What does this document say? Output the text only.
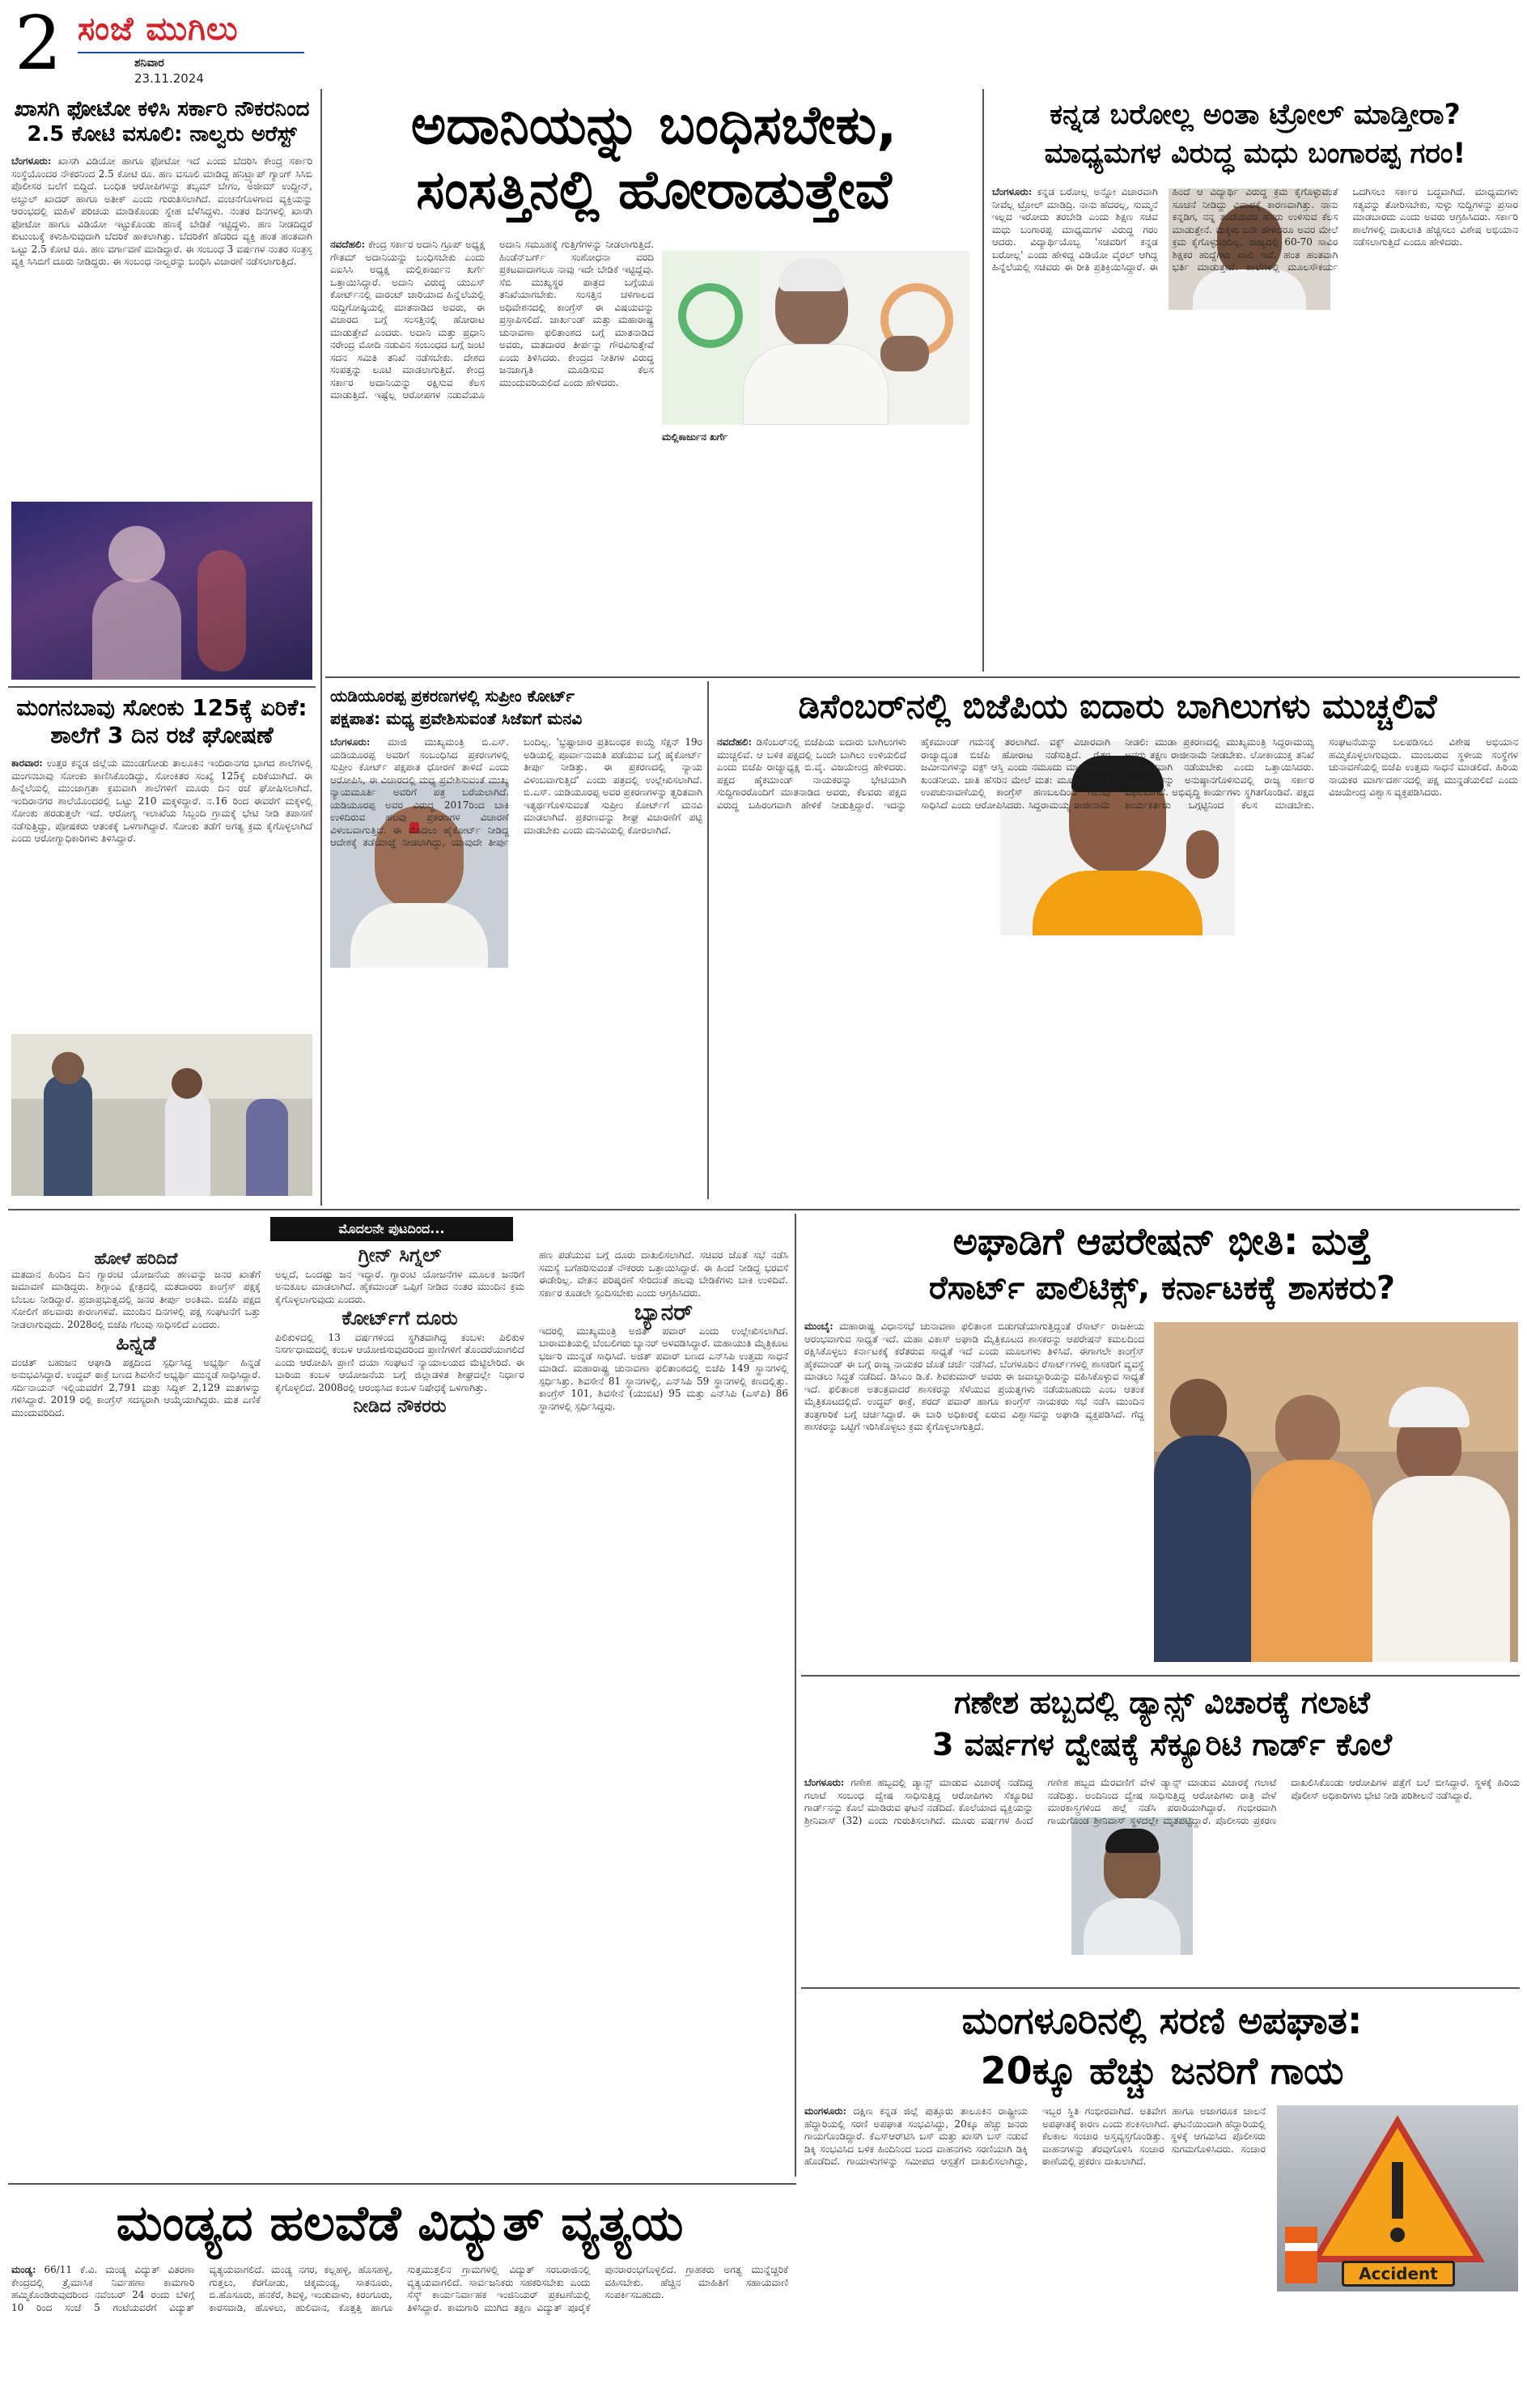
2 ಸಂಜೆ ಮುಗಿಲು
ಶನಿವಾರ
23.11.2024
ಖಾಸಗಿ ಫೋಟೋ ಕಳಿಸಿ ಸರ್ಕಾರಿ ನೌಕರನಿಂದ 2.5 ಕೋಟಿ ವಸೂಲಿ: ನಾಲ್ವರು ಅರೆಸ್ಟ್
ಬೆಂಗಳೂರು: ಖಾಸಗಿ ವಿಡಿಯೋ ಹಾಗೂ ಫೋಟೋ ಇದೆ ಎಂದು ಬೆದರಿಸಿ ಕೇಂದ್ರ ಸರ್ಕಾರಿ ಸಂಸ್ಥೆಯೊಂದರ ನೌಕರನಿಂದ 2.5 ಕೋಟಿ ರೂ. ಹಣ ವಸೂಲಿ ಮಾಡಿದ್ದ ಹನಿಟ್ರ್ಯಾಪ್ ಗ್ಯಾಂಗ್ ಸಿಸಿಬಿ ಪೊಲೀಸರ ಬಲೆಗೆ ಬಿದ್ದಿದೆ. ಬಂಧಿತ ಆರೋಪಿಗಳನ್ನು ತಬ್ಸಮ್ ಬೇಗಂ, ಅಜೀಮ್ ಉದ್ದೀನ್, ಅಬ್ದುಲ್ ಖಾದರ್ ಹಾಗೂ ಅತೀಕ್ ಎಂದು ಗುರುತಿಸಲಾಗಿದೆ. ವಂಚನೆಗೊಳಗಾದ ವ್ಯಕ್ತಿಯನ್ನು ಆರಂಭದಲ್ಲಿ ಮಹಿಳೆ ಪರಿಚಯ ಮಾಡಿಕೊಂಡು ಸ್ನೇಹ ಬೆಳೆಸಿದ್ದಳು. ನಂತರ ದಿನಗಳಲ್ಲಿ ಖಾಸಗಿ ಫೋಟೋ ಹಾಗೂ ವಿಡಿಯೋ ಇಟ್ಟುಕೊಂಡು ಹಣಕ್ಕೆ ಬೇಡಿಕೆ ಇಟ್ಟಿದ್ದಳು. ಹಣ ನೀಡದಿದ್ದರೆ ಕುಟುಂಬಕ್ಕೆ ಕಳುಹಿಸುವುದಾಗಿ ಬೆದರಿಕೆ ಹಾಕಲಾಗಿತ್ತು. ಬೆದರಿಕೆಗೆ ಹೆದರಿದ ವ್ಯಕ್ತಿ ಹಂತ ಹಂತವಾಗಿ ಒಟ್ಟು 2.5 ಕೋಟಿ ರೂ. ಹಣ ವರ್ಗಾವಣೆ ಮಾಡಿದ್ದಾರೆ. ಈ ಸಂಬಂಧ 3 ವರ್ಷಗಳ ನಂತರ ಸಂತ್ರಸ್ತ ವ್ಯಕ್ತಿ ಸಿಸಿಬಿಗೆ ದೂರು ನೀಡಿದ್ದರು. ಈ ಸಂಬಂಧ ನಾಲ್ವರನ್ನು ಬಂಧಿಸಿ ವಿಚಾರಣೆ ನಡೆಸಲಾಗುತ್ತಿದೆ.
ಮಂಗನಬಾವು ಸೋಂಕು 125ಕ್ಕೆ ಏರಿಕೆ: ಶಾಲೆಗೆ 3 ದಿನ ರಜೆ ಘೋಷಣೆ
ಕಾರವಾರ: ಉತ್ತರ ಕನ್ನಡ ಜಿಲ್ಲೆಯ ಮುಂಡಗೋಡು ತಾಲೂಕಿನ ಇಂದಿರಾನಗರ ಭಾಗದ ಶಾಲೆಗಳಲ್ಲಿ ಮಂಗನಬಾವು ಸೋಂಕು ಕಾಣಿಸಿಕೊಂಡಿದ್ದು, ಸೋಂಕಿತರ ಸಂಖ್ಯೆ 125ಕ್ಕೆ ಏರಿಕೆಯಾಗಿದೆ. ಈ ಹಿನ್ನೆಲೆಯಲ್ಲಿ ಮುಂಜಾಗ್ರತಾ ಕ್ರಮವಾಗಿ ಶಾಲೆಗಳಿಗೆ ಮೂರು ದಿನ ರಜೆ ಘೋಷಿಸಲಾಗಿದೆ. ಇಂದಿರಾನಗರ ಶಾಲೆಯೊಂದರಲ್ಲಿ ಒಟ್ಟು 210 ಮಕ್ಕಳಿದ್ದಾರೆ. ನ.16 ರಿಂದ ಈವರೆಗೆ ಮಕ್ಕಳಲ್ಲಿ ಸೋಂಕು ಹರಡುತ್ತಲೇ ಇದೆ. ಆರೋಗ್ಯ ಇಲಾಖೆಯ ಸಿಬ್ಬಂದಿ ಗ್ರಾಮಕ್ಕೆ ಭೇಟಿ ನೀಡಿ ತಪಾಸಣೆ ನಡೆಸುತ್ತಿದ್ದು, ಪೋಷಕರು ಆತಂಕಕ್ಕೆ ಒಳಗಾಗಿದ್ದಾರೆ. ಸೋಂಕು ತಡೆಗೆ ಅಗತ್ಯ ಕ್ರಮ ಕೈಗೊಳ್ಳಲಾಗಿದೆ ಎಂದು ಆರೋಗ್ಯಾಧಿಕಾರಿಗಳು ತಿಳಿಸಿದ್ದಾರೆ.
ಅದಾನಿಯನ್ನು ಬಂಧಿಸಬೇಕು,
ಸಂಸತ್ತಿನಲ್ಲಿ ಹೋರಾಡುತ್ತೇವೆ
ನವದೆಹಲಿ: ಕೇಂದ್ರ ಸರ್ಕಾರ ಅದಾನಿ ಗ್ರೂಪ್ ಅಧ್ಯಕ್ಷ ಗೌತಮ್ ಅದಾನಿಯನ್ನು ಬಂಧಿಸಬೇಕು ಎಂದು ಎಐಸಿಸಿ ಅಧ್ಯಕ್ಷ ಮಲ್ಲಿಕಾರ್ಜುನ ಖರ್ಗೆ ಒತ್ತಾಯಿಸಿದ್ದಾರೆ. ಅದಾನಿ ವಿರುದ್ಧ ಯುಎಸ್ ಕೋರ್ಟ್‌ನಲ್ಲಿ ವಾರಂಟ್ ಜಾರಿಯಾದ ಹಿನ್ನೆಲೆಯಲ್ಲಿ ಸುದ್ದಿಗೋಷ್ಠಿಯಲ್ಲಿ ಮಾತನಾಡಿದ ಅವರು, ಈ ವಿಚಾರದ ಬಗ್ಗೆ ಸಂಸತ್ತಿನಲ್ಲಿ ಹೋರಾಟ ಮಾಡುತ್ತೇವೆ ಎಂದರು. ಅದಾನಿ ಮತ್ತು ಪ್ರಧಾನಿ ನರೇಂದ್ರ ಮೋದಿ ನಡುವಿನ ಸಂಬಂಧದ ಬಗ್ಗೆ ಜಂಟಿ ಸದನ ಸಮಿತಿ ತನಿಖೆ ನಡೆಸಬೇಕು. ದೇಶದ ಸಂಪತ್ತನ್ನು ಲೂಟಿ ಮಾಡಲಾಗುತ್ತಿದೆ. ಕೇಂದ್ರ ಸರ್ಕಾರ ಅದಾನಿಯನ್ನು ರಕ್ಷಿಸುವ ಕೆಲಸ ಮಾಡುತ್ತಿದೆ. ಇಷ್ಟೆಲ್ಲ ಆರೋಪಗಳ ನಡುವೆಯೂ ಅದಾನಿ ಸಮೂಹಕ್ಕೆ ಗುತ್ತಿಗೆಗಳನ್ನು ನೀಡಲಾಗುತ್ತಿದೆ. ಹಿಂಡೆನ್‌ಬರ್ಗ್ ಸಂಶೋಧನಾ ವರದಿ ಪ್ರಕಟವಾದಾಗಲೂ ನಾವು ಇದೇ ಬೇಡಿಕೆ ಇಟ್ಟಿದ್ದೆವು. ಸೆಬಿ ಮುಖ್ಯಸ್ಥರ ಪಾತ್ರದ ಬಗ್ಗೆಯೂ ತನಿಖೆಯಾಗಬೇಕು. ಸಂಸತ್ತಿನ ಚಳಿಗಾಲದ ಅಧಿವೇಶನದಲ್ಲಿ ಕಾಂಗ್ರೆಸ್ ಈ ವಿಷಯವನ್ನು ಪ್ರಸ್ತಾಪಿಸಲಿದೆ. ಜಾರ್ಖಂಡ್ ಮತ್ತು ಮಹಾರಾಷ್ಟ್ರ ಚುನಾವಣಾ ಫಲಿತಾಂಶದ ಬಗ್ಗೆ ಮಾತನಾಡಿದ ಅವರು, ಮತದಾರರ ತೀರ್ಪನ್ನು ಗೌರವಿಸುತ್ತೇವೆ ಎಂದು ತಿಳಿಸಿದರು. ಕೇಂದ್ರದ ನೀತಿಗಳ ವಿರುದ್ಧ ಜನಜಾಗೃತಿ ಮೂಡಿಸುವ ಕೆಲಸ ಮುಂದುವರಿಯಲಿದೆ ಎಂದು ಹೇಳಿದರು.
ಮಲ್ಲಿಕಾರ್ಜುನ ಖರ್ಗೆ
ಕನ್ನಡ ಬರೋಲ್ಲ ಅಂತಾ ಟ್ರೋಲ್ ಮಾಡ್ತೀರಾ?
ಮಾಧ್ಯಮಗಳ ವಿರುದ್ಧ ಮಧು ಬಂಗಾರಪ್ಪ ಗರಂ!
ಬೆಂಗಳೂರು: ಕನ್ನಡ ಬರೋಲ್ಲ ಅನ್ನೋ ವಿಚಾರವಾಗಿ ನೀವೆಲ್ಲ ಟ್ರೋಲ್ ಮಾಡಿದ್ರಿ. ನಾನು ಹೆದರಲ್ಲ, ಸುಮ್ಮನೆ ಇಲ್ಲದ ಇರೋದು ತರಬೇಡಿ ಎಂದು ಶಿಕ್ಷಣ ಸಚಿವ ಮಧು ಬಂಗಾರಪ್ಪ ಮಾಧ್ಯಮಗಳ ವಿರುದ್ಧ ಗರಂ ಆದರು. ವಿದ್ಯಾರ್ಥಿಯೊಬ್ಬ 'ಸಚಿವರಿಗೆ ಕನ್ನಡ ಬರೋಲ್ಲ' ಎಂದು ಹೇಳಿದ್ದ ವಿಡಿಯೋ ವೈರಲ್ ಆಗಿದ್ದ ಹಿನ್ನೆಲೆಯಲ್ಲಿ ಸಚಿವರು ಈ ರೀತಿ ಪ್ರತಿಕ್ರಿಯಿಸಿದ್ದಾರೆ. ಈ ಹಿಂದೆ ಆ ವಿದ್ಯಾರ್ಥಿ ವಿರುದ್ಧ ಕ್ರಮ ಕೈಗೊಳ್ಳುವಂತೆ ಸೂಚನೆ ನೀಡಿದ್ದು ವಿವಾದಕ್ಕೆ ಕಾರಣವಾಗಿತ್ತು. ನಾನು ಕನ್ನಡಿಗ, ನನ್ನ ತಂದೆಯವರ ಹೆಸರು ಉಳಿಸುವ ಕೆಲಸ ಮಾಡುತ್ತೇನೆ. ಮಕ್ಕಳು ಏನೇ ಹೇಳಿದರೂ ಅವರ ಮೇಲೆ ಕ್ರಮ ಕೈಗೊಳ್ಳುವುದಿಲ್ಲ. ರಾಜ್ಯದಲ್ಲಿ 60-70 ಸಾವಿರ ಶಿಕ್ಷಕರ ಹುದ್ದೆಗಳು ಖಾಲಿ ಇವೆ. ಹಂತ ಹಂತವಾಗಿ ಭರ್ತಿ ಮಾಡುತ್ತೇವೆ. ಶಾಲೆಗಳಲ್ಲಿ ಮೂಲಸೌಕರ್ಯ ಒದಗಿಸಲು ಸರ್ಕಾರ ಬದ್ಧವಾಗಿದೆ. ಮಾಧ್ಯಮಗಳು ಸತ್ಯವನ್ನು ತೋರಿಸಬೇಕು, ಸುಳ್ಳು ಸುದ್ದಿಗಳನ್ನು ಪ್ರಸಾರ ಮಾಡಬಾರದು ಎಂದು ಅವರು ಆಗ್ರಹಿಸಿದರು. ಸರ್ಕಾರಿ ಶಾಲೆಗಳಲ್ಲಿ ದಾಖಲಾತಿ ಹೆಚ್ಚಿಸಲು ವಿಶೇಷ ಅಭಿಯಾನ ನಡೆಸಲಾಗುತ್ತಿದೆ ಎಂದೂ ಹೇಳಿದರು.
ಯಡಿಯೂರಪ್ಪ ಪ್ರಕರಣಗಳಲ್ಲಿ ಸುಪ್ರೀಂ ಕೋರ್ಟ್
ಪಕ್ಷಪಾತ: ಮಧ್ಯ ಪ್ರವೇಶಿಸುವಂತೆ ಸಿಜೆಐಗೆ ಮನವಿ
ಬೆಂಗಳೂರು: ಮಾಜಿ ಮುಖ್ಯಮಂತ್ರಿ ಬಿ.ಎಸ್. ಯಡಿಯೂರಪ್ಪ ಅವರಿಗೆ ಸಂಬಂಧಿಸಿದ ಪ್ರಕರಣಗಳಲ್ಲಿ ಸುಪ್ರೀಂ ಕೋರ್ಟ್ ಪಕ್ಷಪಾತ ಧೋರಣೆ ತಾಳಿದೆ ಎಂದು ಆರೋಪಿಸಿ, ಈ ವಿಚಾರದಲ್ಲಿ ಮಧ್ಯ ಪ್ರವೇಶಿಸುವಂತೆ ಮುಖ್ಯ ನ್ಯಾಯಮೂರ್ತಿ ಅವರಿಗೆ ಪತ್ರ ಬರೆಯಲಾಗಿದೆ. ಯಡಿಯೂರಪ್ಪ ಅವರ ವಿರುದ್ಧ 2017ರಿಂದ ಬಾಕಿ ಉಳಿದಿರುವ ಹಲವು ಪ್ರಕರಣಗಳ ವಿಚಾರಣೆ ವಿಳಂಬವಾಗುತ್ತಿದೆ. ಈ ಮೊದಲು ಹೈಕೋರ್ಟ್ ನೀಡಿದ್ದ ಆದೇಶಕ್ಕೆ ತಡೆಯಾಜ್ಞೆ ನೀಡಲಾಗಿದ್ದು, ಯಾವುದೇ ತೀರ್ಪು ಬಂದಿಲ್ಲ. 'ಭ್ರಷ್ಟಾಚಾರ ಪ್ರತಿಬಂಧಕ ಕಾಯ್ದೆ ಸೆಕ್ಷನ್ 19ರ ಅಡಿಯಲ್ಲಿ ಪೂರ್ವಾನುಮತಿ ಪಡೆಯುವ ಬಗ್ಗೆ ಹೈಕೋರ್ಟ್ ತೀರ್ಪು ನೀಡಿತ್ತು. ಈ ಪ್ರಕರಣದಲ್ಲಿ ನ್ಯಾಯ ವಿಳಂಬವಾಗುತ್ತಿದೆ' ಎಂದು ಪತ್ರದಲ್ಲಿ ಉಲ್ಲೇಖಿಸಲಾಗಿದೆ. ಬಿ.ಎಸ್. ಯಡಿಯೂರಪ್ಪ ಅವರ ಪ್ರಕರಣಗಳನ್ನು ತ್ವರಿತವಾಗಿ ಇತ್ಯರ್ಥಗೊಳಿಸುವಂತೆ ಸುಪ್ರೀಂ ಕೋರ್ಟ್‌ಗೆ ಮನವಿ ಮಾಡಲಾಗಿದೆ. ಪ್ರಕರಣವನ್ನು ಶೀಘ್ರ ವಿಚಾರಣೆಗೆ ಪಟ್ಟಿ ಮಾಡಬೇಕು ಎಂದು ಮನವಿಯಲ್ಲಿ ಕೋರಲಾಗಿದೆ.
ಡಿಸೆಂಬರ್‌ನಲ್ಲಿ ಬಿಜೆಪಿಯ ಐದಾರು ಬಾಗಿಲುಗಳು ಮುಚ್ಚಲಿವೆ
ನವದೆಹಲಿ: ಡಿಸೆಂಬರ್‌ನಲ್ಲಿ ಬಿಜೆಪಿಯ ಐದಾರು ಬಾಗಿಲುಗಳು ಮುಚ್ಚಲಿವೆ. ಆ ಬಳಿಕ ಪಕ್ಷದಲ್ಲಿ ಒಂದೇ ಬಾಗಿಲು ಉಳಿಯಲಿದೆ ಎಂದು ಬಿಜೆಪಿ ರಾಜ್ಯಾಧ್ಯಕ್ಷ ಬಿ.ವೈ. ವಿಜಯೇಂದ್ರ ಹೇಳಿದರು. ಪಕ್ಷದ ಹೈಕಮಾಂಡ್ ನಾಯಕರನ್ನು ಭೇಟಿಯಾಗಿ ಸುದ್ದಿಗಾರರೊಂದಿಗೆ ಮಾತನಾಡಿದ ಅವರು, ಕೆಲವರು ಪಕ್ಷದ ವಿರುದ್ಧ ಬಹಿರಂಗವಾಗಿ ಹೇಳಿಕೆ ನೀಡುತ್ತಿದ್ದಾರೆ. ಇದನ್ನು ಹೈಕಮಾಂಡ್ ಗಮನಕ್ಕೆ ತರಲಾಗಿದೆ. ವಕ್ಫ್ ವಿಚಾರವಾಗಿ ರಾಜ್ಯಾದ್ಯಂತ ಬಿಜೆಪಿ ಹೋರಾಟ ನಡೆಸುತ್ತಿದೆ. ರೈತರ ಜಮೀನುಗಳನ್ನು ವಕ್ಫ್ ಆಸ್ತಿ ಎಂದು ನಮೂದು ಮಾಡಿರುವುದು ಖಂಡನೀಯ. ಜಾತಿ ಹೆಸರಿನ ಮೇಲೆ ಮತ: ಮೂರು ಕ್ಷೇತ್ರಗಳ ಉಪಚುನಾವಣೆಯಲ್ಲಿ ಕಾಂಗ್ರೆಸ್ ಹಣಬಲದಿಂದ ಗೆಲುವು ಸಾಧಿಸಿದೆ ಎಂದು ಆರೋಪಿಸಿದರು. ಸಿದ್ದರಾಮಯ್ಯ ರಾಜೀನಾಮೆ ನೀಡಲಿ: ಮುಡಾ ಪ್ರಕರಣದಲ್ಲಿ ಮುಖ್ಯಮಂತ್ರಿ ಸಿದ್ದರಾಮಯ್ಯ ಅವರು ತಕ್ಷಣ ರಾಜೀನಾಮೆ ನೀಡಬೇಕು. ಲೋಕಾಯುಕ್ತ ತನಿಖೆ ನಿಷ್ಪಕ್ಷಪಾತವಾಗಿ ನಡೆಯಬೇಕು ಎಂದು ಒತ್ತಾಯಿಸಿದರು. ಯೋಜನೆಗಳನ್ನು ಅನುಷ್ಠಾನಗೊಳಿಸುವಲ್ಲಿ ರಾಜ್ಯ ಸರ್ಕಾರ ವಿಫಲವಾಗಿದೆ. ಅಭಿವೃದ್ಧಿ ಕಾರ್ಯಗಳು ಸ್ಥಗಿತಗೊಂಡಿವೆ. ಪಕ್ಷದ ಕಾರ್ಯಕರ್ತರು ಒಗ್ಗಟ್ಟಿನಿಂದ ಕೆಲಸ ಮಾಡಬೇಕು. ಸಂಘಟನೆಯನ್ನು ಬಲಪಡಿಸಲು ವಿಶೇಷ ಅಭಿಯಾನ ಹಮ್ಮಿಕೊಳ್ಳಲಾಗುವುದು. ಮುಂಬರುವ ಸ್ಥಳೀಯ ಸಂಸ್ಥೆಗಳ ಚುನಾವಣೆಯಲ್ಲಿ ಬಿಜೆಪಿ ಉತ್ತಮ ಸಾಧನೆ ಮಾಡಲಿದೆ. ಹಿರಿಯ ನಾಯಕರ ಮಾರ್ಗದರ್ಶನದಲ್ಲಿ ಪಕ್ಷ ಮುನ್ನಡೆಯಲಿದೆ ಎಂದು ವಿಜಯೇಂದ್ರ ವಿಶ್ವಾಸ ವ್ಯಕ್ತಪಡಿಸಿದರು.
ಮೊದಲನೇ ಪುಟದಿಂದ...
ಹೋಳೆ ಹರಿದಿದೆ
ಮತದಾನ ಹಿಂದಿನ ದಿನ ಗ್ಯಾರಂಟಿ ಯೋಜನೆಯ ಹಣವನ್ನು ಜನರ ಖಾತೆಗೆ ಜಮಾವಣೆ ಮಾಡಿದ್ದರು. ಶಿಗ್ಗಾಂವಿ ಕ್ಷೇತ್ರದಲ್ಲಿ ಮತದಾರರು ಕಾಂಗ್ರೆಸ್ ಪಕ್ಷಕ್ಕೆ ಬೆಂಬಲ ನೀಡಿದ್ದಾರೆ. ಪ್ರಜಾಪ್ರಭುತ್ವದಲ್ಲಿ ಜನರ ತೀರ್ಪು ಅಂತಿಮ. ಬಿಜೆಪಿ ಪಕ್ಷದ ಸೋಲಿಗೆ ಹಲವಾರು ಕಾರಣಗಳಿವೆ. ಮುಂದಿನ ದಿನಗಳಲ್ಲಿ ಪಕ್ಷ ಸಂಘಟನೆಗೆ ಒತ್ತು ನೀಡಲಾಗುವುದು. 2028ರಲ್ಲಿ ಬಿಜೆಪಿ ಗೆಲುವು ಸಾಧಿಸಲಿದೆ ಎಂದರು.
ಹಿನ್ನಡೆ
ವಂಚಿತ್ ಬಹುಜನ ಆಘಾಡಿ ಪಕ್ಷದಿಂದ ಸ್ಪರ್ಧಿಸಿದ್ದ ಅಭ್ಯರ್ಥಿ ಹಿನ್ನಡೆ ಅನುಭವಿಸಿದ್ದಾರೆ. ಉದ್ಧವ್ ಠಾಕ್ರೆ ಬಣದ ಶಿವಸೇನೆ ಅಭ್ಯರ್ಥಿ ಮುನ್ನಡೆ ಸಾಧಿಸಿದ್ದಾರೆ. ಸರ್ದಿನಾಯನ್ ಇಲ್ಲಿಯವರೆಗೆ 2,791 ಮತ್ತು ಸಿದ್ದಿಕ್ 2,129 ಮತಗಳನ್ನು ಗಳಿಸಿದ್ದಾರೆ. 2019 ರಲ್ಲಿ ಕಾಂಗ್ರೆಸ್ ಸದಸ್ಯರಾಗಿ ಆಯ್ಕೆಯಾಗಿದ್ದರು. ಮತ ಎಣಿಕೆ ಮುಂದುವರಿದಿದೆ.
ಗ್ರೀನ್ ಸಿಗ್ನಲ್
ಅಲ್ಲದೆ, ಒಂದಷ್ಟು ಜನ ಇದ್ದಾರೆ. ಗ್ಯಾರಂಟಿ ಯೋಜನೆಗಳ ಮೂಲಕ ಜನರಿಗೆ ಅನುಕೂಲ ಮಾಡಲಾಗಿದೆ. ಹೈಕಮಾಂಡ್ ಒಪ್ಪಿಗೆ ನೀಡಿದ ನಂತರ ಮುಂದಿನ ಕ್ರಮ ಕೈಗೊಳ್ಳಲಾಗುವುದು ಎಂದರು.
ಕೋರ್ಟ್‌ಗೆ ದೂರು
ಪಿಲಿಕುಳದಲ್ಲಿ 13 ವರ್ಷಗಳಿಂದ ಸ್ಥಗಿತವಾಗಿದ್ದ ಕಂಬಳ: ಪಿಲಿಕುಳ ನಿಸರ್ಗಧಾಮದಲ್ಲಿ ಕಂಬಳ ಆಯೋಜಿಸುವುದರಿಂದ ಪ್ರಾಣಿಗಳಿಗೆ ತೊಂದರೆಯಾಗಲಿದೆ ಎಂದು ಆರೋಪಿಸಿ ಪ್ರಾಣಿ ದಯಾ ಸಂಘಟನೆ ನ್ಯಾಯಾಲಯದ ಮೆಟ್ಟಿಲೇರಿದೆ. ಈ ಬಾರಿಯ ಕಂಬಳ ಆಯೋಜನೆಯ ಬಗ್ಗೆ ಜಿಲ್ಲಾಡಳಿತ ಶೀಘ್ರದಲ್ಲೇ ನಿರ್ಧಾರ ಕೈಗೊಳ್ಳಲಿದೆ. 2008ರಲ್ಲಿ ಆರಂಭಿಸಿದ ಕಂಬಳ ನಿಷೇಧಕ್ಕೆ ಒಳಗಾಗಿತ್ತು.
ನೀಡಿದ ನೌಕರರು
ಹಣ ಪಡೆಯುವ ಬಗ್ಗೆ ದೂರು ದಾಖಲಿಸಲಾಗಿದೆ. ಸಚಿವರ ಜೊತೆ ಸಭೆ ನಡೆಸಿ ಸಮಸ್ಯೆ ಬಗೆಹರಿಸುವಂತೆ ನೌಕರರು ಒತ್ತಾಯಿಸಿದ್ದಾರೆ. ಈ ಹಿಂದೆ ನೀಡಿದ್ದ ಭರವಸೆ ಈಡೇರಿಲ್ಲ. ವೇತನ ಪರಿಷ್ಕರಣೆ ಸೇರಿದಂತೆ ಹಲವು ಬೇಡಿಕೆಗಳು ಬಾಕಿ ಉಳಿದಿವೆ. ಸರ್ಕಾರ ಕೂಡಲೇ ಸ್ಪಂದಿಸಬೇಕು ಎಂದು ಆಗ್ರಹಿಸಿದರು.
ಬ್ಯಾನರ್
ಇದರಲ್ಲಿ ಮುಖ್ಯಮಂತ್ರಿ ಅಜಿತ್ ಪವಾರ್ ಎಂದು ಉಲ್ಲೇಖಿಸಲಾಗಿದೆ. ಬಾರಾಮತಿಯಲ್ಲಿ ಬೆಂಬಲಿಗರು ಬ್ಯಾನರ್ ಅಳವಡಿಸಿದ್ದಾರೆ. ಮಹಾಯುತಿ ಮೈತ್ರಿಕೂಟ ಭರ್ಜರಿ ಮುನ್ನಡೆ ಸಾಧಿಸಿದೆ. ಅಜಿತ್ ಪವಾರ್ ಬಣದ ಎನ್‌ಸಿಪಿ ಉತ್ತಮ ಸಾಧನೆ ಮಾಡಿದೆ. ಮಹಾರಾಷ್ಟ್ರ ಚುನಾವಣಾ ಫಲಿತಾಂಶದಲ್ಲಿ ಬಿಜೆಪಿ 149 ಸ್ಥಾನಗಳಲ್ಲಿ ಸ್ಪರ್ಧಿಸಿತ್ತು. ಶಿವಸೇನೆ 81 ಸ್ಥಾನಗಳಲ್ಲಿ, ಎನ್‌ಸಿಪಿ 59 ಸ್ಥಾನಗಳಲ್ಲಿ ಕಣದಲ್ಲಿತ್ತು. ಕಾಂಗ್ರೆಸ್ 101, ಶಿವಸೇನೆ (ಯುಬಿಟಿ) 95 ಮತ್ತು ಎನ್‌ಸಿಪಿ (ಎಸ್‌ಪಿ) 86 ಸ್ಥಾನಗಳಲ್ಲಿ ಸ್ಪರ್ಧಿಸಿದ್ದವು.
ಅಘಾಡಿಗೆ ಆಪರೇಷನ್ ಭೀತಿ: ಮತ್ತೆ
ರೆಸಾರ್ಟ್ ಪಾಲಿಟಿಕ್ಸ್, ಕರ್ನಾಟಕಕ್ಕೆ ಶಾಸಕರು?
ಮುಂಬೈ: ಮಹಾರಾಷ್ಟ್ರ ವಿಧಾನಸಭೆ ಚುನಾವಣಾ ಫಲಿತಾಂಶ ಬಿಡುಗಡೆಯಾಗುತ್ತಿದ್ದಂತೆ ರೆಸಾರ್ಟ್ ರಾಜಕೀಯ ಆರಂಭವಾಗುವ ಸಾಧ್ಯತೆ ಇದೆ. ಮಹಾ ವಿಕಾಸ್ ಅಘಾಡಿ ಮೈತ್ರಿಕೂಟದ ಶಾಸಕರನ್ನು ಆಪರೇಷನ್ ಕಮಲದಿಂದ ರಕ್ಷಿಸಿಕೊಳ್ಳಲು ಕರ್ನಾಟಕಕ್ಕೆ ಕರೆತರುವ ಸಾಧ್ಯತೆ ಇದೆ ಎಂದು ಮೂಲಗಳು ತಿಳಿಸಿವೆ. ಈಗಾಗಲೇ ಕಾಂಗ್ರೆಸ್ ಹೈಕಮಾಂಡ್ ಈ ಬಗ್ಗೆ ರಾಜ್ಯ ನಾಯಕರ ಜೊತೆ ಚರ್ಚೆ ನಡೆಸಿದೆ. ಬೆಂಗಳೂರಿನ ರೆಸಾರ್ಟ್‌ಗಳಲ್ಲಿ ಶಾಸಕರಿಗೆ ವ್ಯವಸ್ಥೆ ಮಾಡಲು ಸಿದ್ಧತೆ ನಡೆದಿದೆ. ಡಿಸಿಎಂ ಡಿ.ಕೆ. ಶಿವಕುಮಾರ್ ಅವರು ಈ ಜವಾಬ್ದಾರಿಯನ್ನು ವಹಿಸಿಕೊಳ್ಳುವ ಸಾಧ್ಯತೆ ಇದೆ. ಫಲಿತಾಂಶ ಅತಂತ್ರವಾದರೆ ಶಾಸಕರನ್ನು ಸೆಳೆಯುವ ಪ್ರಯತ್ನಗಳು ನಡೆಯಬಹುದು ಎಂಬ ಆತಂಕ ಮೈತ್ರಿಕೂಟದಲ್ಲಿದೆ. ಉದ್ಧವ್ ಠಾಕ್ರೆ, ಶರದ್ ಪವಾರ್ ಹಾಗೂ ಕಾಂಗ್ರೆಸ್ ನಾಯಕರು ಸಭೆ ನಡೆಸಿ ಮುಂದಿನ ತಂತ್ರಗಾರಿಕೆ ಬಗ್ಗೆ ಚರ್ಚಿಸಿದ್ದಾರೆ. ಈ ಬಾರಿ ಅಧಿಕಾರಕ್ಕೆ ಏರುವ ವಿಶ್ವಾಸವನ್ನು ಅಘಾಡಿ ವ್ಯಕ್ತಪಡಿಸಿದೆ. ಗೆದ್ದ ಶಾಸಕರನ್ನು ಒಟ್ಟಿಗೆ ಇರಿಸಿಕೊಳ್ಳಲು ಕ್ರಮ ಕೈಗೊಳ್ಳಲಾಗುತ್ತಿದೆ.
ಗಣೇಶ ಹಬ್ಬದಲ್ಲಿ ಡ್ಯಾನ್ಸ್ ವಿಚಾರಕ್ಕೆ ಗಲಾಟೆ
3 ವರ್ಷಗಳ ದ್ವೇಷಕ್ಕೆ ಸೆಕ್ಯೂರಿಟಿ ಗಾರ್ಡ್ ಕೊಲೆ
ಬೆಂಗಳೂರು: ಗಣೇಶ ಹಬ್ಬದಲ್ಲಿ ಡ್ಯಾನ್ಸ್ ಮಾಡುವ ವಿಚಾರಕ್ಕೆ ನಡೆದಿದ್ದ ಗಲಾಟೆ ಸಂಬಂಧ ದ್ವೇಷ ಸಾಧಿಸುತ್ತಿದ್ದ ಆರೋಪಿಗಳು ಸೆಕ್ಯೂರಿಟಿ ಗಾರ್ಡ್‌ನನ್ನು ಕೊಲೆ ಮಾಡಿರುವ ಘಟನೆ ನಡೆದಿದೆ. ಕೊಲೆಯಾದ ವ್ಯಕ್ತಿಯನ್ನು ಶ್ರೀನಿವಾಸ್ (32) ಎಂದು ಗುರುತಿಸಲಾಗಿದೆ. ಮೂರು ವರ್ಷಗಳ ಹಿಂದೆ ಗಣೇಶ ಹಬ್ಬದ ಮೆರವಣಿಗೆ ವೇಳೆ ಡ್ಯಾನ್ಸ್ ಮಾಡುವ ವಿಚಾರಕ್ಕೆ ಗಲಾಟೆ ನಡೆದಿತ್ತು. ಅಂದಿನಿಂದ ದ್ವೇಷ ಸಾಧಿಸುತ್ತಿದ್ದ ಆರೋಪಿಗಳು ರಾತ್ರಿ ವೇಳೆ ಮಾರಕಾಸ್ತ್ರಗಳಿಂದ ಹಲ್ಲೆ ನಡೆಸಿ ಪರಾರಿಯಾಗಿದ್ದಾರೆ. ಗಂಭೀರವಾಗಿ ಗಾಯಗೊಂಡ ಶ್ರೀನಿವಾಸ್ ಸ್ಥಳದಲ್ಲೇ ಮೃತಪಟ್ಟಿದ್ದಾರೆ. ಪೊಲೀಸರು ಪ್ರಕರಣ ದಾಖಲಿಸಿಕೊಂಡು ಆರೋಪಿಗಳ ಪತ್ತೆಗೆ ಬಲೆ ಬೀಸಿದ್ದಾರೆ. ಸ್ಥಳಕ್ಕೆ ಹಿರಿಯ ಪೊಲೀಸ್ ಅಧಿಕಾರಿಗಳು ಭೇಟಿ ನೀಡಿ ಪರಿಶೀಲನೆ ನಡೆಸಿದ್ದಾರೆ.
ಮಂಗಳೂರಿನಲ್ಲಿ ಸರಣಿ ಅಪಘಾತ:
20ಕ್ಕೂ ಹೆಚ್ಚು ಜನರಿಗೆ ಗಾಯ
ಮಂಗಳೂರು: ದಕ್ಷಿಣ ಕನ್ನಡ ಜಿಲ್ಲೆ ಪುತ್ತೂರು ತಾಲೂಕಿನ ರಾಷ್ಟ್ರೀಯ ಹೆದ್ದಾರಿಯಲ್ಲಿ ಸರಣಿ ಅಪಘಾತ ಸಂಭವಿಸಿದ್ದು, 20ಕ್ಕೂ ಹೆಚ್ಚು ಜನರು ಗಾಯಗೊಂಡಿದ್ದಾರೆ. ಕೆಎಸ್‌ಆರ್‌ಟಿಸಿ ಬಸ್ ಮತ್ತು ಖಾಸಗಿ ಬಸ್ ನಡುವೆ ಡಿಕ್ಕಿ ಸಂಭವಿಸಿದ ಬಳಿಕ ಹಿಂದಿನಿಂದ ಬಂದ ವಾಹನಗಳು ಸರಣಿಯಾಗಿ ಡಿಕ್ಕಿ ಹೊಡೆದಿವೆ. ಗಾಯಾಳುಗಳನ್ನು ಸಮೀಪದ ಆಸ್ಪತ್ರೆಗೆ ದಾಖಲಿಸಲಾಗಿದ್ದು, ಇಬ್ಬರ ಸ್ಥಿತಿ ಗಂಭೀರವಾಗಿದೆ. ಅತಿವೇಗ ಹಾಗೂ ಅಜಾಗರೂಕ ಚಾಲನೆ ಅಪಘಾತಕ್ಕೆ ಕಾರಣ ಎಂದು ಶಂಕಿಸಲಾಗಿದೆ. ಘಟನೆಯಿಂದಾಗಿ ಹೆದ್ದಾರಿಯಲ್ಲಿ ಕೆಲಕಾಲ ಸಂಚಾರ ಅಸ್ತವ್ಯಸ್ತಗೊಂಡಿತ್ತು. ಸ್ಥಳಕ್ಕೆ ಆಗಮಿಸಿದ ಪೊಲೀಸರು ವಾಹನಗಳನ್ನು ತೆರವುಗೊಳಿಸಿ ಸಂಚಾರ ಸುಗಮಗೊಳಿಸಿದರು. ಸಂಚಾರ ಠಾಣೆಯಲ್ಲಿ ಪ್ರಕರಣ ದಾಖಲಾಗಿದೆ.
Accident
ಮಂಡ್ಯದ ಹಲವೆಡೆ ವಿದ್ಯುತ್ ವ್ಯತ್ಯಯ
ಮಂಡ್ಯ: 66/11 ಕೆ.ವಿ. ಮಂಡ್ಯ ವಿದ್ಯುತ್ ವಿತರಣಾ ಕೇಂದ್ರದಲ್ಲಿ ತ್ರೈಮಾಸಿಕ ನಿರ್ವಹಣಾ ಕಾಮಗಾರಿ ಹಮ್ಮಿಕೊಂಡಿರುವುದರಿಂದ ನವೆಂಬರ್ 24 ರಂದು ಬೆಳಿಗ್ಗೆ 10 ರಿಂದ ಸಂಜೆ 5 ಗಂಟೆಯವರೆಗೆ ವಿದ್ಯುತ್ ವ್ಯತ್ಯಯವಾಗಲಿದೆ. ಮಂಡ್ಯ ನಗರ, ಕಲ್ಲಹಳ್ಳಿ, ಹೊಸಹಳ್ಳಿ, ಗುತ್ತಲು, ಕೆರಗೋಡು, ಚಿಕ್ಕಮಂಡ್ಯ, ಸಾತನೂರು, ಬಿ.ಹೊಸೂರು, ಹನಕೆರೆ, ಶಿವಳ್ಳಿ, ಇಂಡುವಾಳು, ಕಿರಂಗೂರು, ಕಾರಸವಾಡಿ, ಹೊಳಲು, ಹುಲಿವಾನ, ಕೊತ್ತತ್ತಿ ಹಾಗೂ ಸುತ್ತಮುತ್ತಲಿನ ಗ್ರಾಮಗಳಲ್ಲಿ ವಿದ್ಯುತ್ ಸರಬರಾಜಿನಲ್ಲಿ ವ್ಯತ್ಯಯವಾಗಲಿದೆ. ಸಾರ್ವಜನಿಕರು ಸಹಕರಿಸಬೇಕು ಎಂದು ಸೆಸ್ಕ್ ಕಾರ್ಯನಿರ್ವಾಹಕ ಇಂಜಿನಿಯರ್ ಪ್ರಕಟಣೆಯಲ್ಲಿ ತಿಳಿಸಿದ್ದಾರೆ. ಕಾಮಗಾರಿ ಮುಗಿದ ತಕ್ಷಣ ವಿದ್ಯುತ್ ಪೂರೈಕೆ ಪುನರಾರಂಭಗೊಳ್ಳಲಿದೆ. ಗ್ರಾಹಕರು ಅಗತ್ಯ ಮುನ್ನೆಚ್ಚರಿಕೆ ವಹಿಸಬೇಕು. ಹೆಚ್ಚಿನ ಮಾಹಿತಿಗೆ ಸಹಾಯವಾಣಿ ಸಂಪರ್ಕಿಸಬಹುದು.
